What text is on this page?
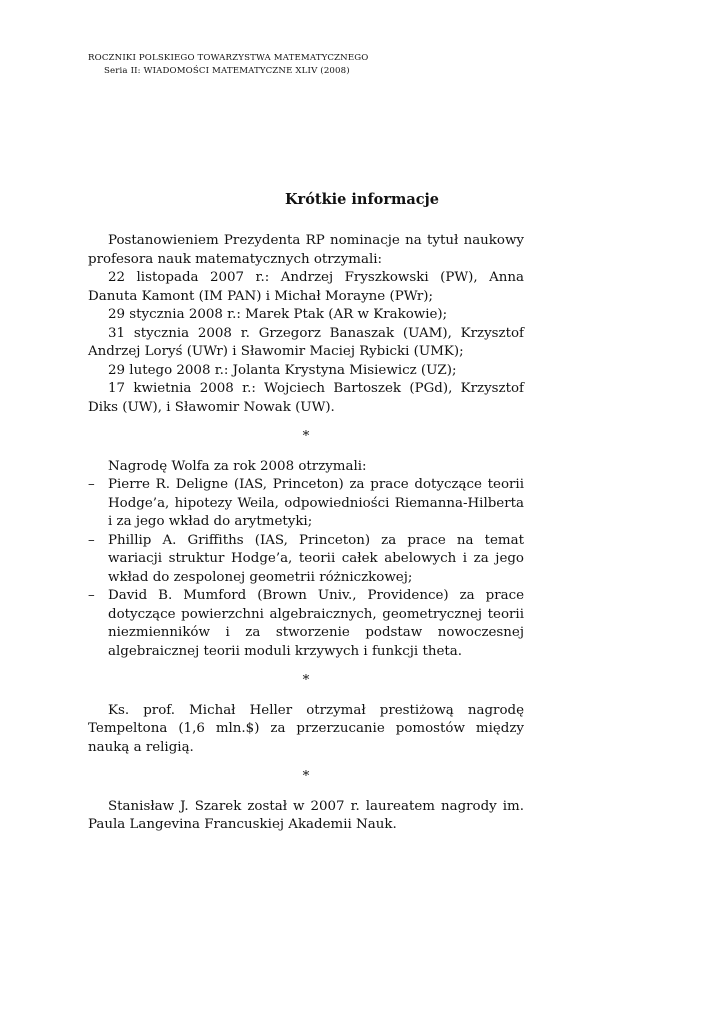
ROCZNIKI POLSKIEGO TOWARZYSTWA MATEMATYCZNEGO
Seria II: WIADOMOŚCI MATEMATYCZNE XLIV (2008)
Krótkie informacje

Postanowieniem Prezydenta RP nominacje na tytuł naukowy profesora nauk matematycznych otrzymali:

22 listopada 2007 r.: Andrzej Fryszkowski (PW), Anna Danuta Kamont (IM PAN) i Michał Morayne (PWr);

29 stycznia 2008 r.: Marek Ptak (AR w Krakowie);

31 stycznia 2008 r. Grzegorz Banaszak (UAM), Krzysztof Andrzej Loryś (UWr) i Sławomir Maciej Rybicki (UMK);

29 lutego 2008 r.: Jolanta Krystyna Misiewicz (UZ);

17 kwietnia 2008 r.: Wojciech Bartoszek (PGd), Krzysztof Diks (UW), i Sławomir Nowak (UW).

*

Nagrodę Wolfa za rok 2008 otrzymali:

– Pierre R. Deligne (IAS, Princeton) za prace dotyczące teorii Hodge’a, hipotezy Weila, odpowiedniości Riemanna-Hilberta i za jego wkład do arytmetyki;
– Phillip A. Griffiths (IAS, Princeton) za prace na temat wariacji struktur Hodge’a, teorii całek abelowych i za jego wkład do zespolonej geometrii różniczkowej;
– David B. Mumford (Brown Univ., Providence) za prace dotyczące powierzchni algebraicznych, geometrycznej teorii niezmienników i za stworzenie podstaw nowoczesnej algebraicznej teorii moduli krzywych i funkcji theta.

*

Ks. prof. Michał Heller otrzymał prestiżową nagrodę Tempeltona (1,6 mln.$) za przerzucanie pomostów między nauką a religią.

*

Stanisław J. Szarek został w 2007 r. laureatem nagrody im. Paula Langevina Francuskiej Akademii Nauk.
